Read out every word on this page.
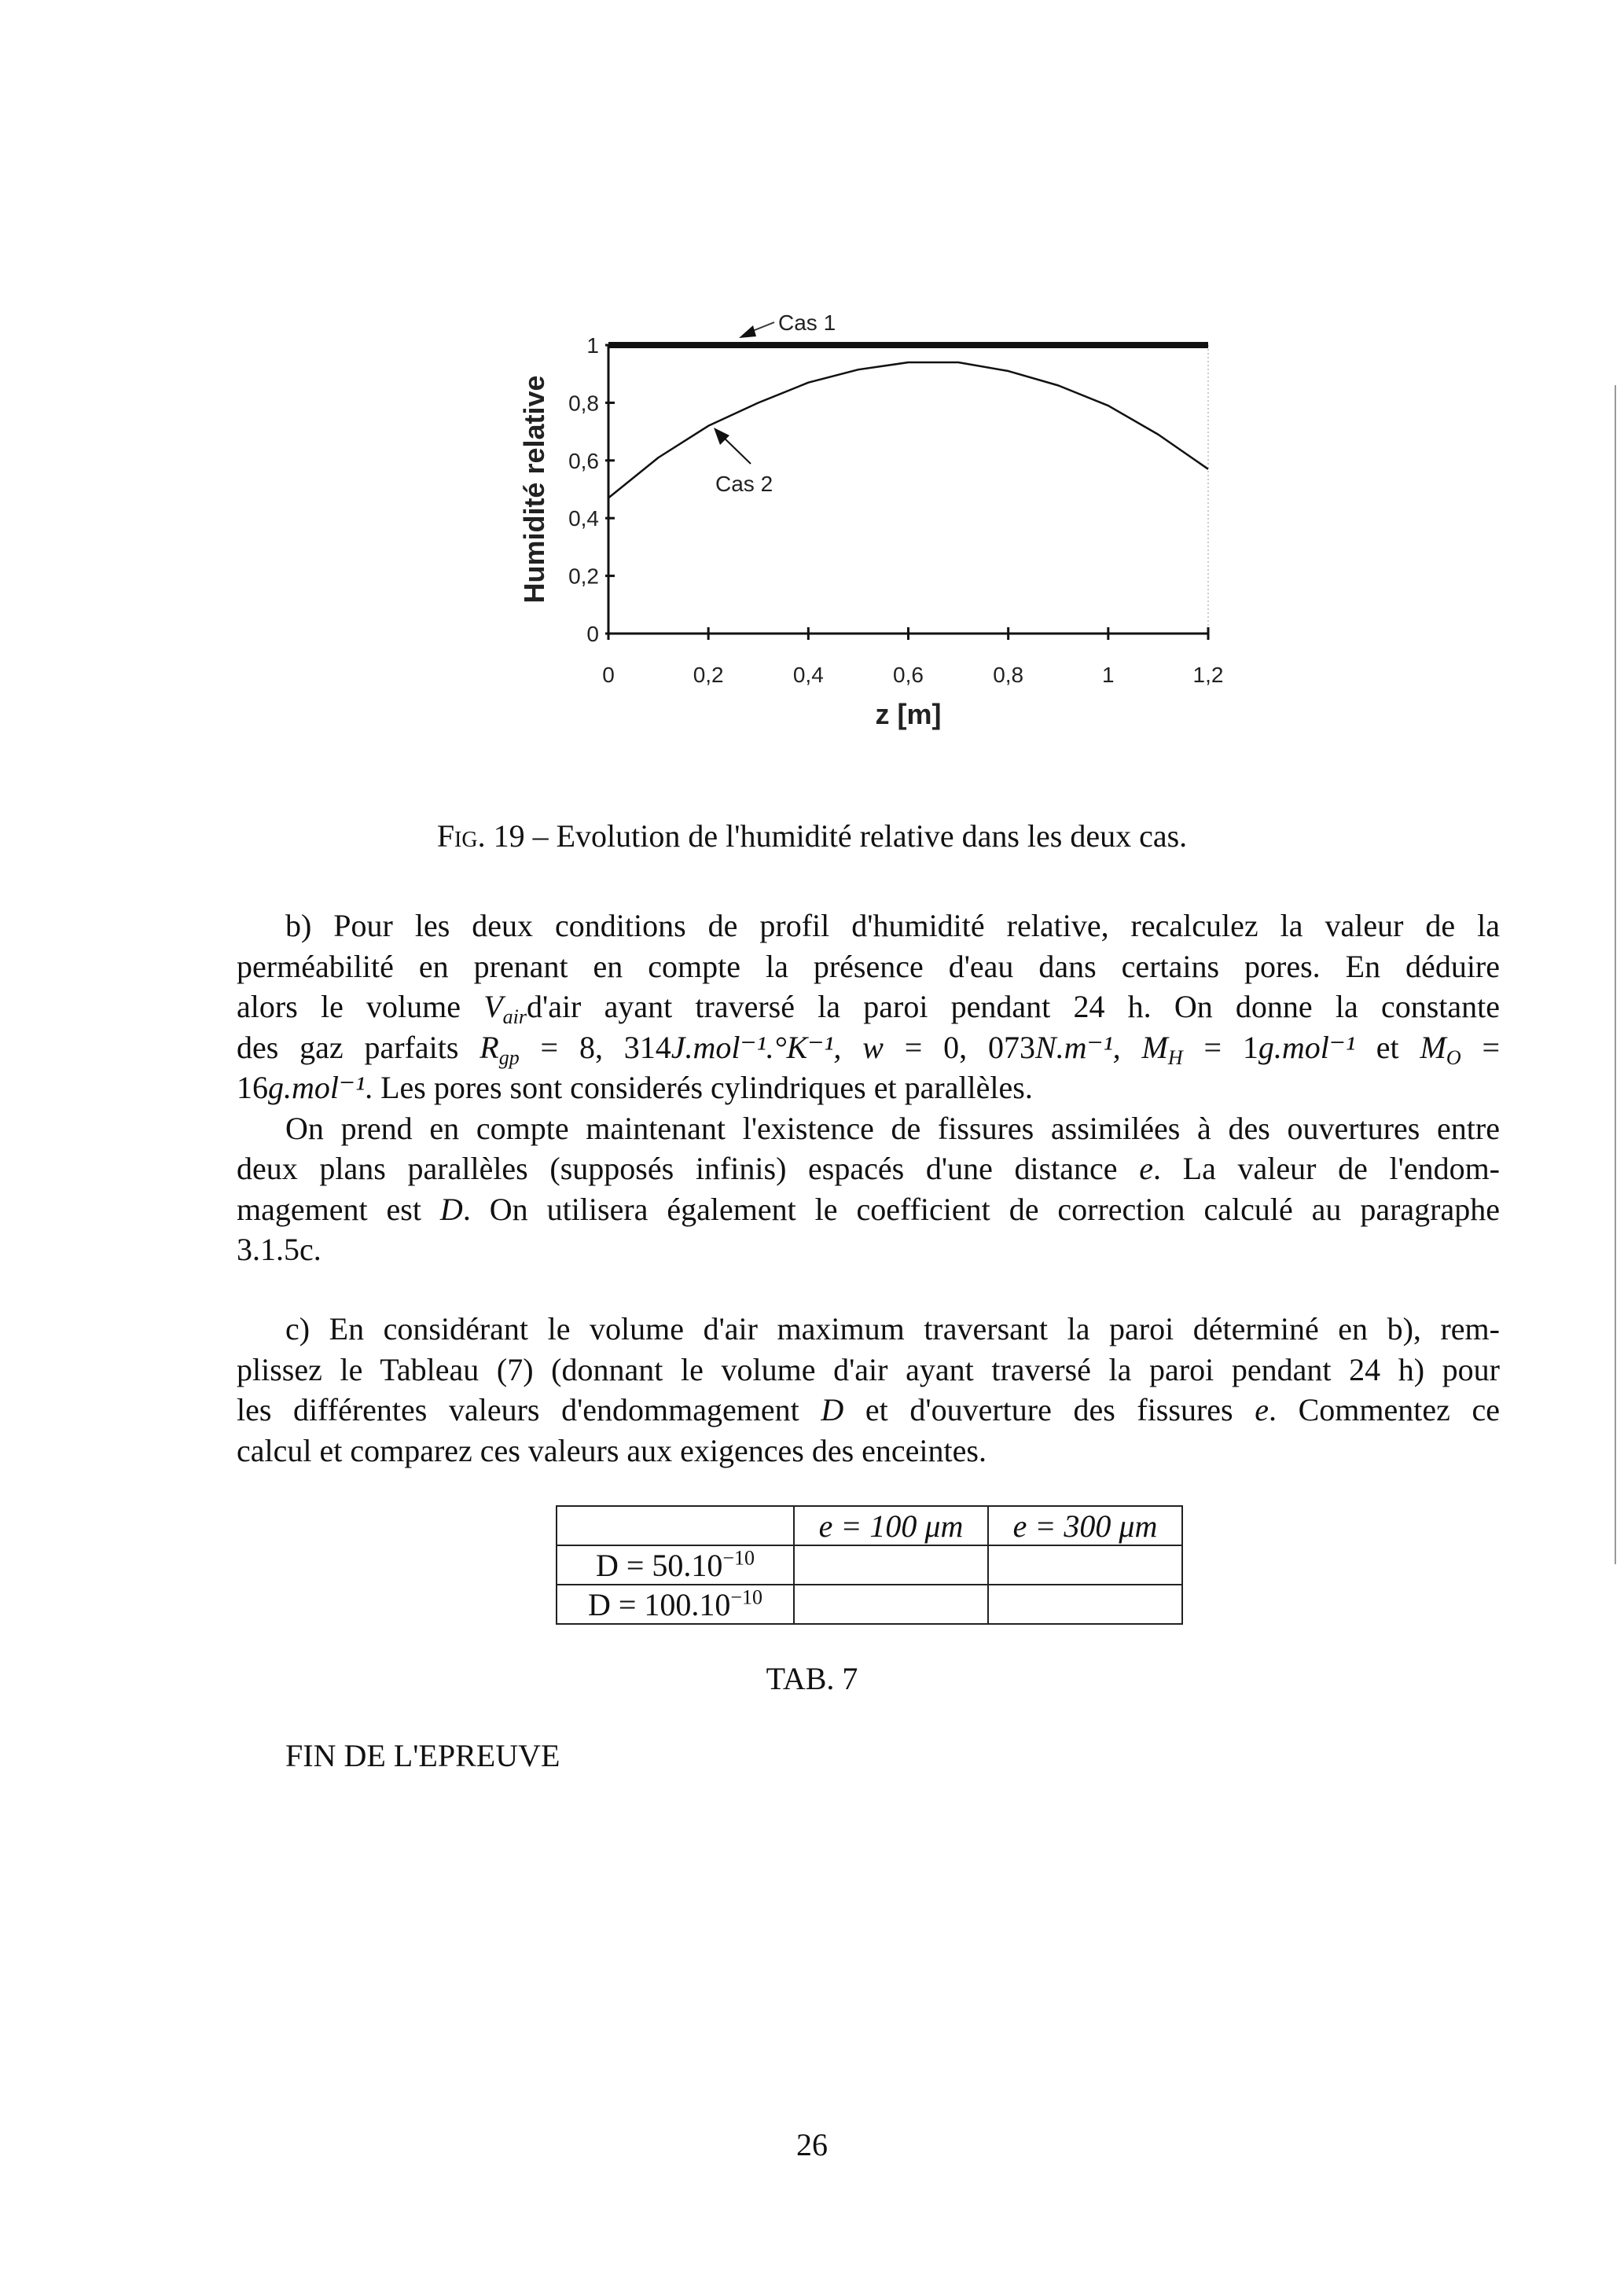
0	0,2	0,4	0,6	0,8	1	1,2
0
0,2
0,4
0,6
0,8
1
z [m]
Humidité relative
Cas 1
Cas 2
Fig. 19 – Evolution de l'humidité relative dans les deux cas.
b) Pour les deux conditions de profil d'humidité relative, recalculez la valeur de la
perméabilité en prenant en compte la présence d'eau dans certains pores. En déduire
alors le volume $V_{air}d'air$ ayant traversé la paroi pendant 24 h. On donne la constante
des gaz parfaits $R_{gp} = 8$, 314J.mol⁻¹.°K⁻¹, w = 0, 073N.m⁻¹, $M_H = 1g.mol^{-1}$ et $M_O$ =
16g.mol⁻¹. Les pores sont considerés cylindriques et parallèles.
On prend en compte maintenant l'existence de fissures assimilées à des ouvertures entre
deux plans parallèles (supposés infinis) espacés d'une distance e. La valeur de l'endom-
magement est D. On utilisera également le coefficient de correction calculé au paragraphe
3.1.5c.
c) En considérant le volume d'air maximum traversant la paroi déterminé en b), rem-
plissez le Tableau (7) (donnant le volume d'air ayant traversé la paroi pendant 24 h) pour
les différentes valeurs d'endommagement D et d'ouverture des fissures e. Commentez ce
calcul et comparez ces valeurs aux exigences des enceintes.
	e = 100 μm	e = 300 μm
$D = 50.10^{-10}$		
$D = 100.10^{-10}$		
TAB. 7
FIN DE L'EPREUVE
26
